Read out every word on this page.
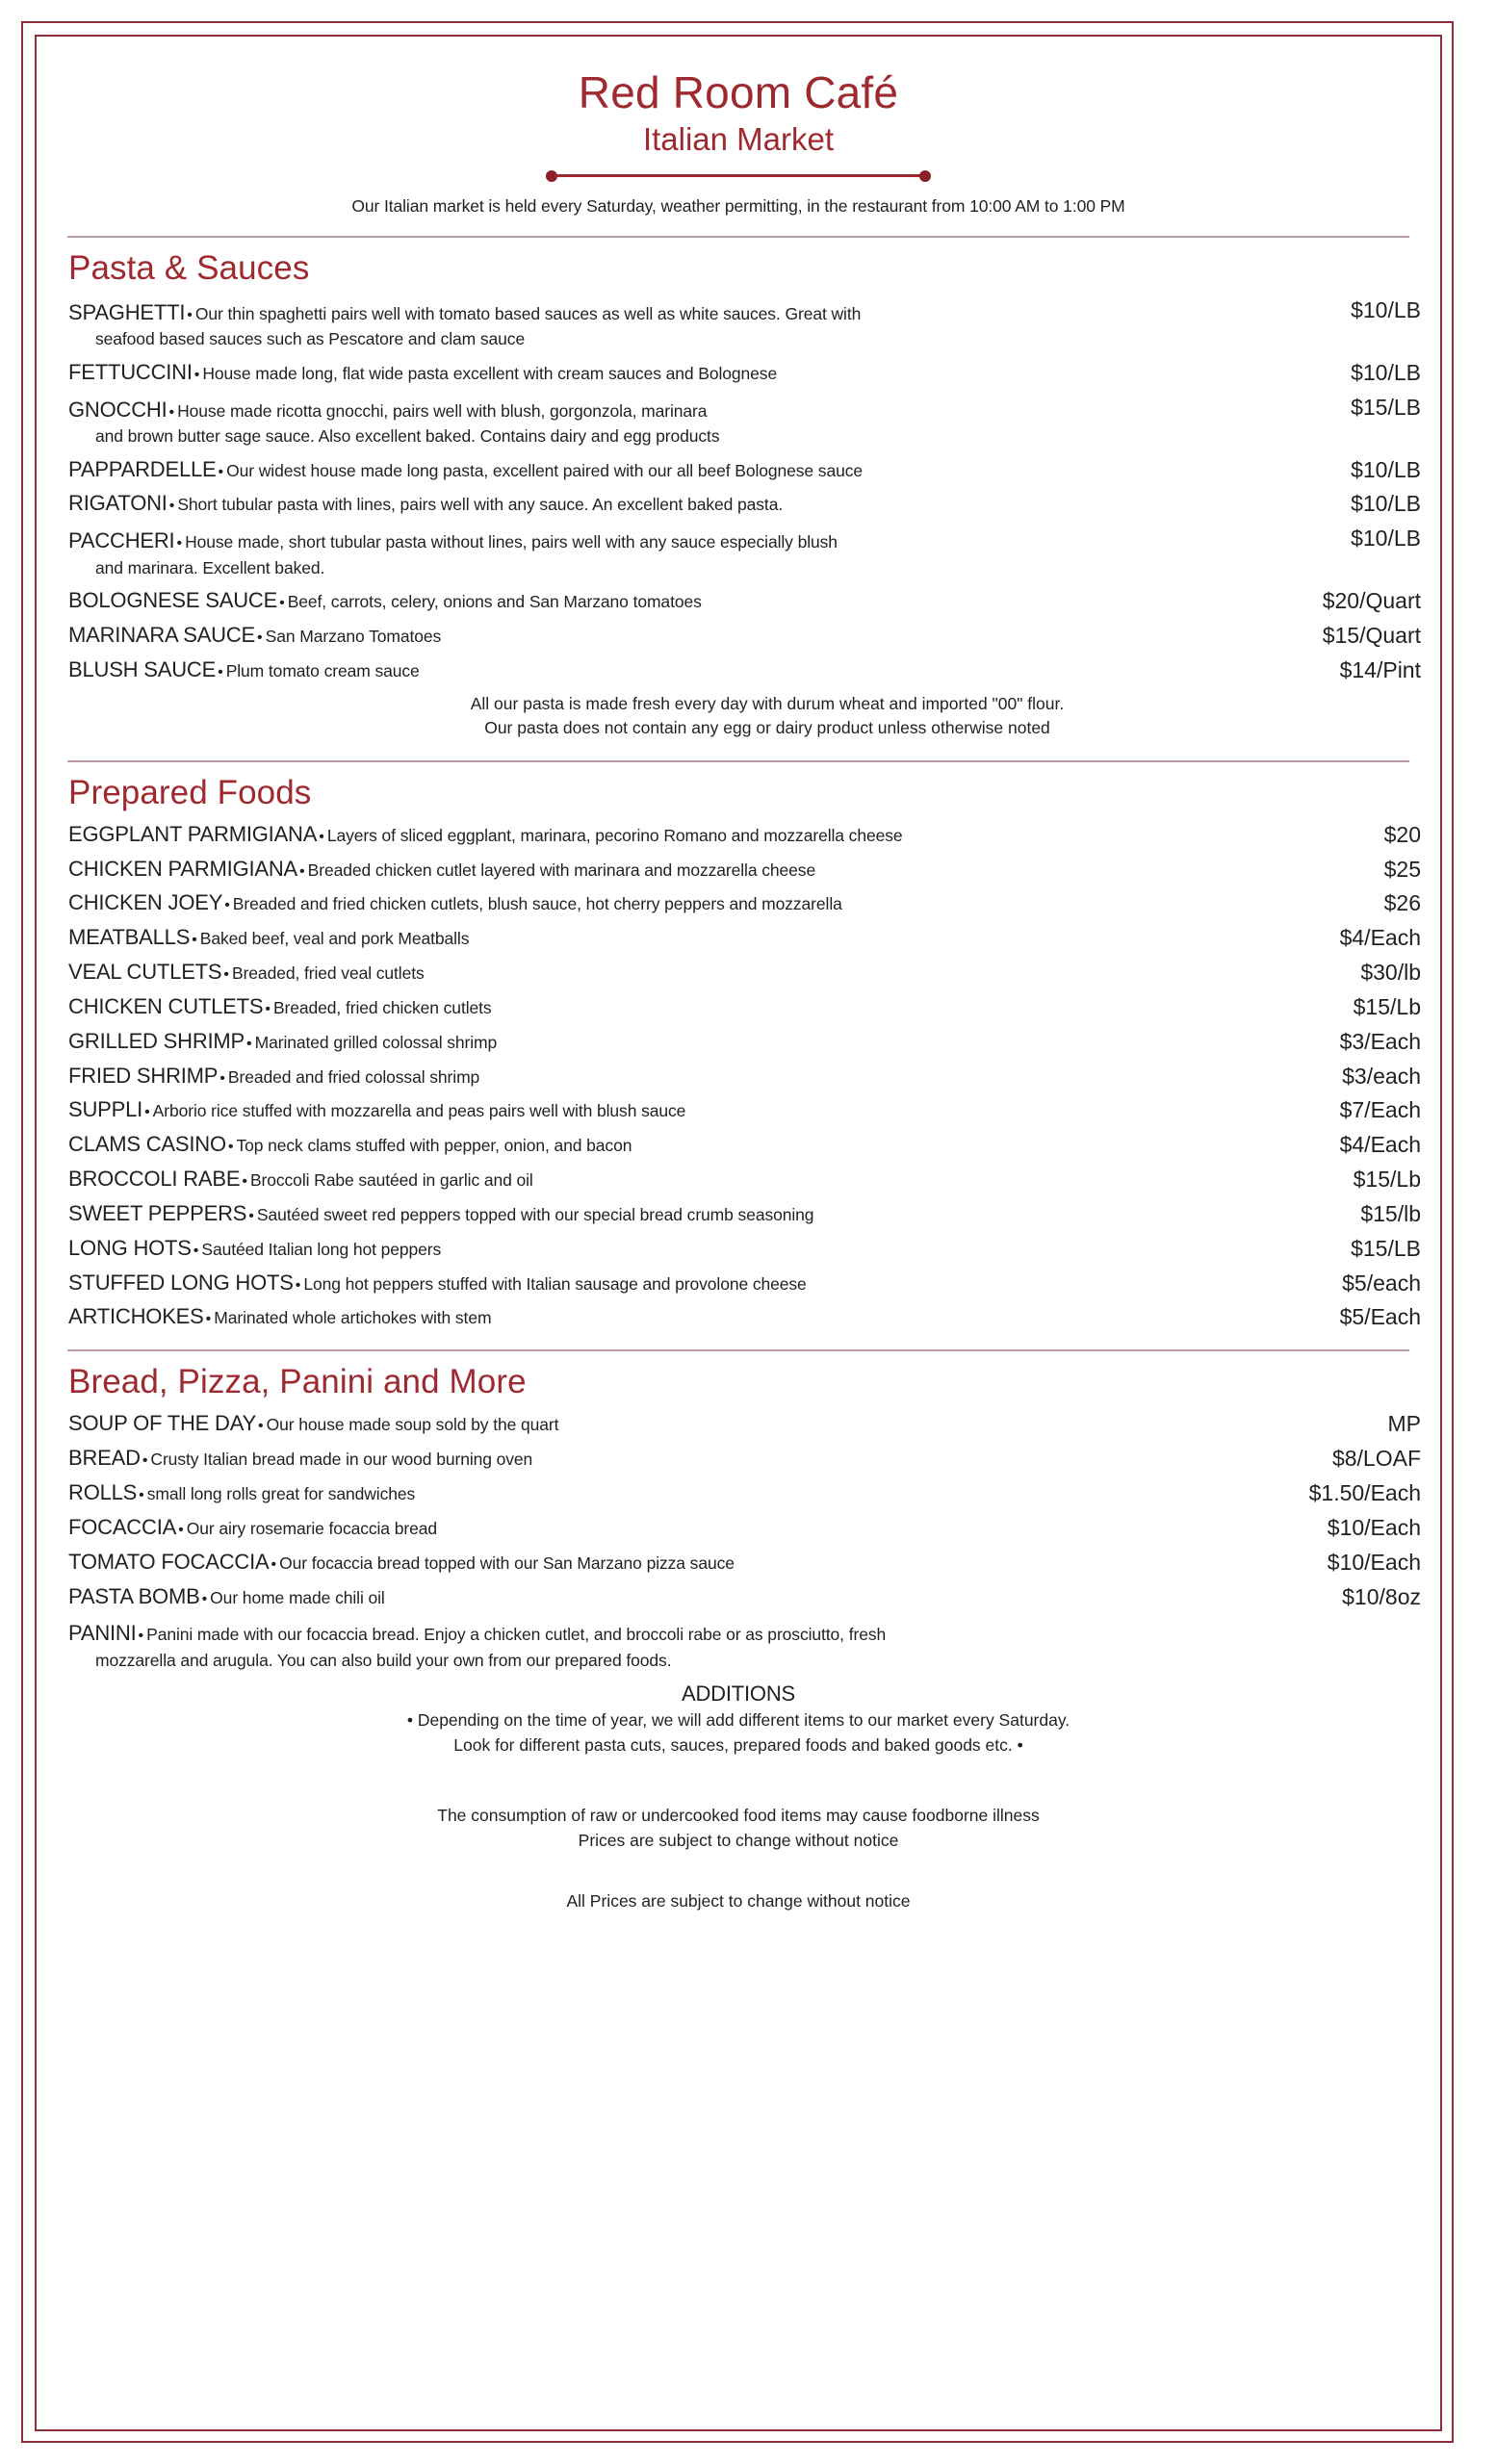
Red Room Café
Italian Market
Our Italian market is held every Saturday, weather permitting, in the restaurant from 10:00 AM to 1:00 PM
Pasta & Sauces
SPAGHETTI • Our thin spaghetti pairs well with tomato based sauces as well as white sauces. Great with
seafood based sauces such as Pescatore and clam sauce
$10/LB
FETTUCCINI • House made long, flat wide pasta excellent with cream sauces and Bolognese	$10/LB
GNOCCHI • House made ricotta gnocchi, pairs well with blush, gorgonzola, marinara
and brown butter sage sauce. Also excellent baked. Contains dairy and egg products
$15/LB
PAPPARDELLE • Our widest house made long pasta, excellent paired with our all beef Bolognese sauce	$10/LB
RIGATONI • Short tubular pasta with lines, pairs well with any sauce. An excellent baked pasta.	$10/LB
PACCHERI • House made, short tubular pasta without lines, pairs well with any sauce especially blush
and marinara. Excellent baked.
$10/LB
BOLOGNESE SAUCE • Beef, carrots, celery, onions and San Marzano tomatoes	$20/Quart
MARINARA SAUCE • San Marzano Tomatoes	$15/Quart
BLUSH SAUCE • Plum tomato cream sauce	$14/Pint
All our pasta is made fresh every day with durum wheat and imported "00" flour.
Our pasta does not contain any egg or dairy product unless otherwise noted
Prepared Foods
EGGPLANT PARMIGIANA • Layers of sliced eggplant, marinara, pecorino Romano and mozzarella cheese	$20
CHICKEN PARMIGIANA • Breaded chicken cutlet layered with marinara and mozzarella cheese	$25
CHICKEN JOEY • Breaded and fried chicken cutlets, blush sauce, hot cherry peppers and mozzarella	$26
MEATBALLS • Baked beef, veal and pork Meatballs	$4/Each
VEAL CUTLETS • Breaded, fried veal cutlets	$30/lb
CHICKEN CUTLETS • Breaded, fried chicken cutlets	$15/Lb
GRILLED SHRIMP • Marinated grilled colossal shrimp	$3/Each
FRIED SHRIMP • Breaded and fried colossal shrimp	$3/each
SUPPLI • Arborio rice stuffed with mozzarella and peas pairs well with blush sauce	$7/Each
CLAMS CASINO • Top neck clams stuffed with pepper, onion, and bacon	$4/Each
BROCCOLI RABE • Broccoli Rabe sautéed in garlic and oil	$15/Lb
SWEET PEPPERS • Sautéed sweet red peppers topped with our special bread crumb seasoning	$15/lb
LONG HOTS • Sautéed Italian long hot peppers	$15/LB
STUFFED LONG HOTS • Long hot peppers stuffed with Italian sausage and provolone cheese	$5/each
ARTICHOKES • Marinated whole artichokes with stem	$5/Each
Bread, Pizza, Panini and More
SOUP OF THE DAY • Our house made soup sold by the quart	MP
BREAD • Crusty Italian bread made in our wood burning oven	$8/LOAF
ROLLS • small long rolls great for sandwiches	$1.50/Each
FOCACCIA • Our airy rosemarie focaccia bread	$10/Each
TOMATO FOCACCIA • Our focaccia bread topped with our San Marzano pizza sauce	$10/Each
PASTA BOMB • Our home made chili oil	$10/8oz
PANINI • Panini made with our focaccia bread. Enjoy a chicken cutlet, and broccoli rabe or as prosciutto, fresh
mozzarella and arugula. You can also build your own from our prepared foods.
ADDITIONS
• Depending on the time of year, we will add different items to our market every Saturday.
Look for different pasta cuts, sauces, prepared foods and baked goods etc. •
The consumption of raw or undercooked food items may cause foodborne illness
Prices are subject to change without notice
All Prices are subject to change without notice
